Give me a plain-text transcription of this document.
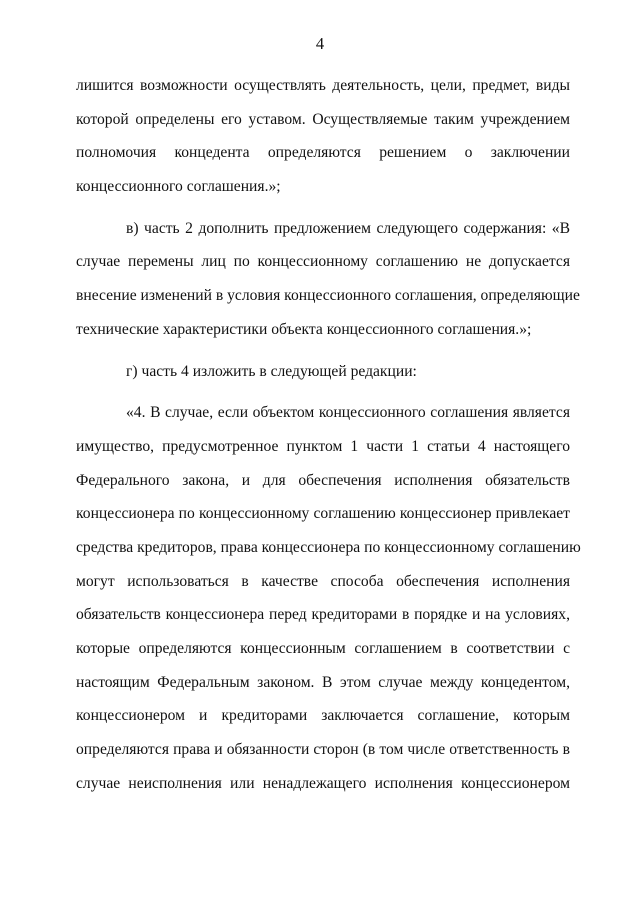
4
лишится возможности осуществлять деятельность, цели, предмет, виды
которой определены его уставом. Осуществляемые таким учреждением
полномочия концедента определяются решением о заключении
концессионного соглашения.»;
в) часть 2 дополнить предложением следующего содержания: «В
случае перемены лиц по концессионному соглашению не допускается
внесение изменений в условия концессионного соглашения, определяющие
технические характеристики объекта концессионного соглашения.»;
г) часть 4 изложить в следующей редакции:
«4. В случае, если объектом концессионного соглашения является
имущество, предусмотренное пунктом 1 части 1 статьи 4 настоящего
Федерального закона, и для обеспечения исполнения обязательств
концессионера по концессионному соглашению концессионер привлекает
средства кредиторов, права концессионера по концессионному соглашению
могут использоваться в качестве способа обеспечения исполнения
обязательств концессионера перед кредиторами в порядке и на условиях,
которые определяются концессионным соглашением в соответствии с
настоящим Федеральным законом. В этом случае между концедентом,
концессионером и кредиторами заключается соглашение, которым
определяются права и обязанности сторон (в том числе ответственность в
случае неисполнения или ненадлежащего исполнения концессионером
